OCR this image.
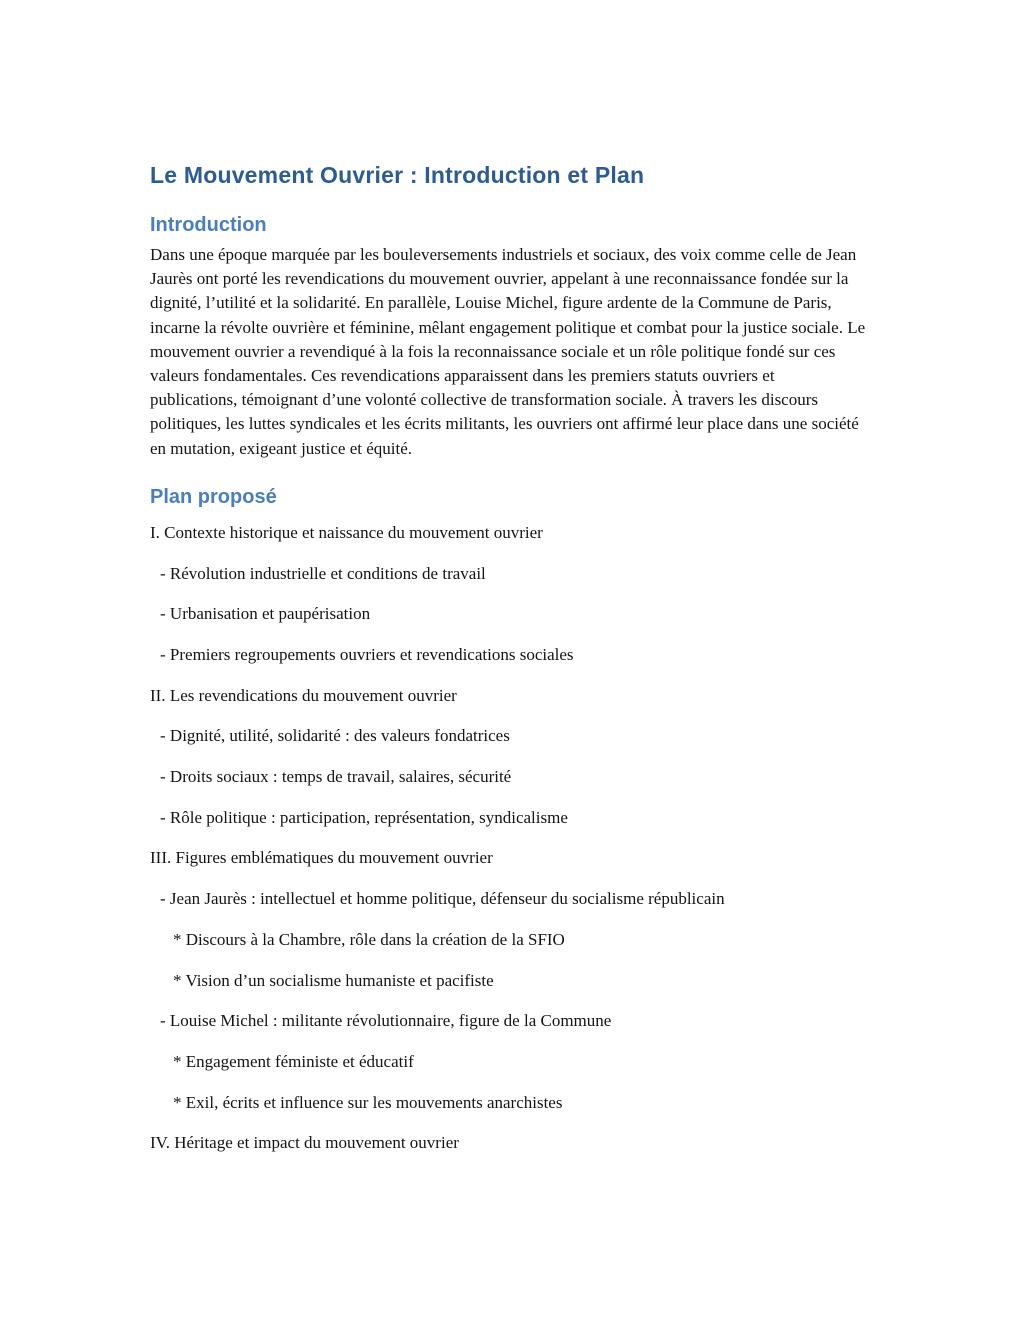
Le Mouvement Ouvrier : Introduction et Plan
Introduction

Dans une époque marquée par les bouleversements industriels et sociaux, des voix comme celle de Jean Jaurès ont porté les revendications du mouvement ouvrier, appelant à une reconnaissance fondée sur la dignité, l’utilité et la solidarité. En parallèle, Louise Michel, figure ardente de la Commune de Paris, incarne la révolte ouvrière et féminine, mêlant engagement politique et combat pour la justice sociale. Le mouvement ouvrier a revendiqué à la fois la reconnaissance sociale et un rôle politique fondé sur ces valeurs fondamentales. Ces revendications apparaissent dans les premiers statuts ouvriers et publications, témoignant d’une volonté collective de transformation sociale. À travers les discours politiques, les luttes syndicales et les écrits militants, les ouvriers ont affirmé leur place dans une société en mutation, exigeant justice et équité.

Plan proposé
I. Contexte historique et naissance du mouvement ouvrier
- Révolution industrielle et conditions de travail
- Urbanisation et paupérisation
- Premiers regroupements ouvriers et revendications sociales
II. Les revendications du mouvement ouvrier
- Dignité, utilité, solidarité : des valeurs fondatrices
- Droits sociaux : temps de travail, salaires, sécurité
- Rôle politique : participation, représentation, syndicalisme
III. Figures emblématiques du mouvement ouvrier
- Jean Jaurès : intellectuel et homme politique, défenseur du socialisme républicain
* Discours à la Chambre, rôle dans la création de la SFIO
* Vision d’un socialisme humaniste et pacifiste
- Louise Michel : militante révolutionnaire, figure de la Commune
* Engagement féministe et éducatif
* Exil, écrits et influence sur les mouvements anarchistes
IV. Héritage et impact du mouvement ouvrier
